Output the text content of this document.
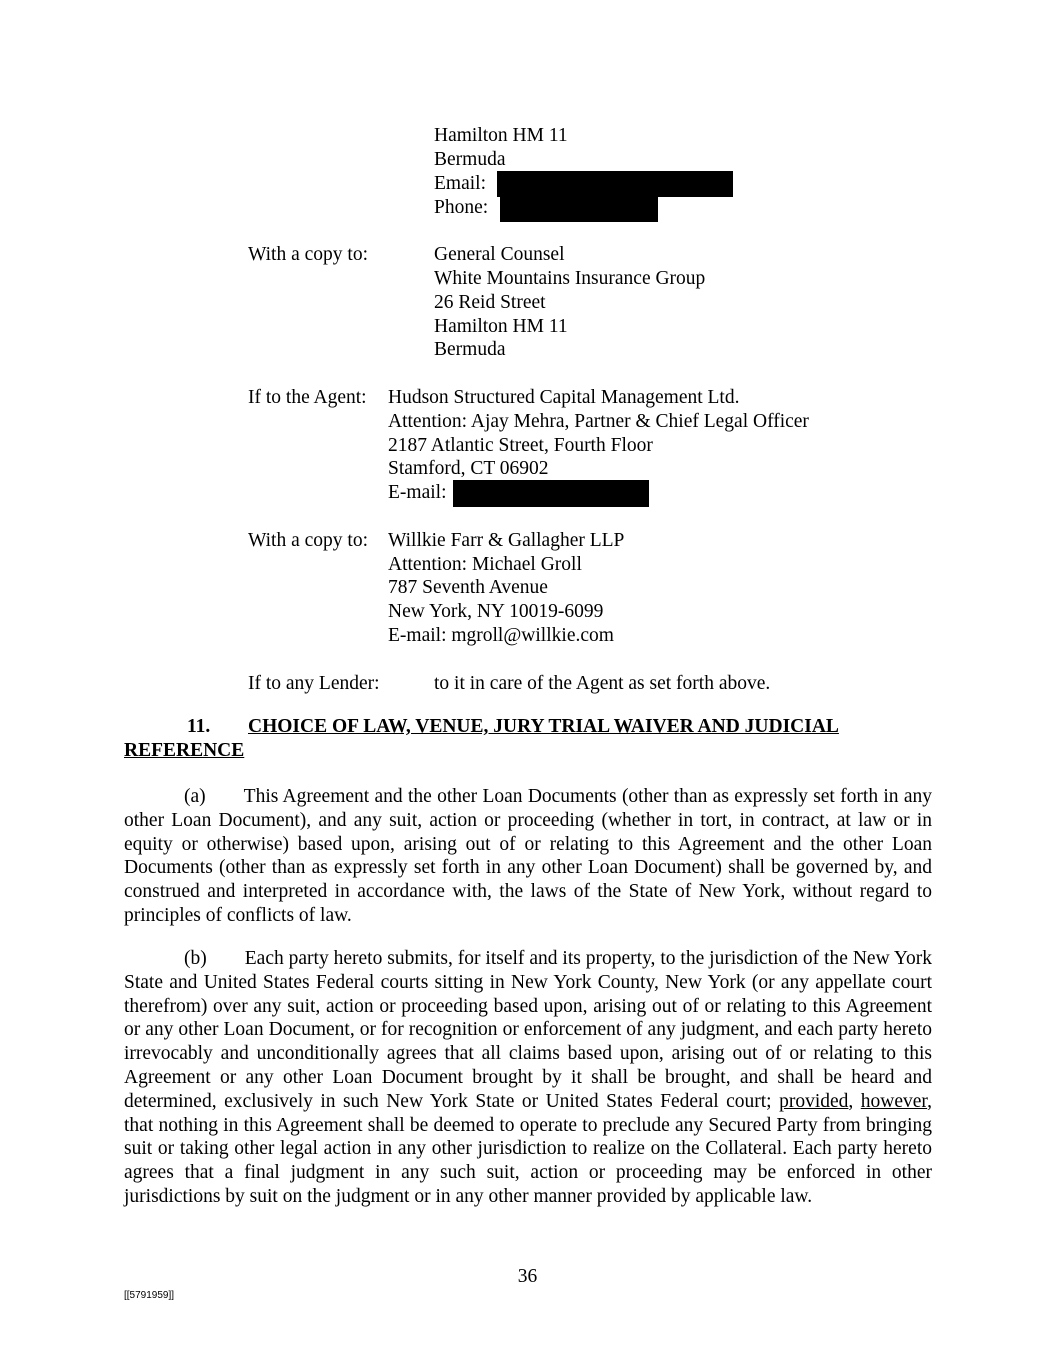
Hamilton HM 11
Bermuda
Email:
Phone:
With a copy to:	General Counsel
White Mountains Insurance Group
26 Reid Street
Hamilton HM 11
Bermuda
If to the Agent: Hudson Structured Capital Management Ltd.
Attention: Ajay Mehra, Partner & Chief Legal Officer
2187 Atlantic Street, Fourth Floor
Stamford, CT 06902
E-mail:
With a copy to: Willkie Farr & Gallagher LLP
Attention: Michael Groll
787 Seventh Avenue
New York, NY 10019-6099
E-mail: mgroll@willkie.com
If to any Lender:	to it in care of the Agent as set forth above.
11. CHOICE OF LAW, VENUE, JURY TRIAL WAIVER AND JUDICIAL
REFERENCE
(a) This Agreement and the other Loan Documents (other than as expressly set forth in any other Loan Document), and any suit, action or proceeding (whether in tort, in contract, at law or in equity or otherwise) based upon, arising out of or relating to this Agreement and the other Loan Documents (other than as expressly set forth in any other Loan Document) shall be governed by, and construed and interpreted in accordance with, the laws of the State of New York, without regard to principles of conflicts of law.
(b) Each party hereto submits, for itself and its property, to the jurisdiction of the New York State and United States Federal courts sitting in New York County, New York (or any appellate court therefrom) over any suit, action or proceeding based upon, arising out of or relating to this Agreement or any other Loan Document, or for recognition or enforcement of any judgment, and each party hereto irrevocably and unconditionally agrees that all claims based upon, arising out of or relating to this Agreement or any other Loan Document brought by it shall be brought, and shall be heard and determined, exclusively in such New York State or United States Federal court; provided, however, that nothing in this Agreement shall be deemed to operate to preclude any Secured Party from bringing suit or taking other legal action in any other jurisdiction to realize on the Collateral. Each party hereto agrees that a final judgment in any such suit, action or proceeding may be enforced in other jurisdictions by suit on the judgment or in any other manner provided by applicable law.
36
[[5791959]]
